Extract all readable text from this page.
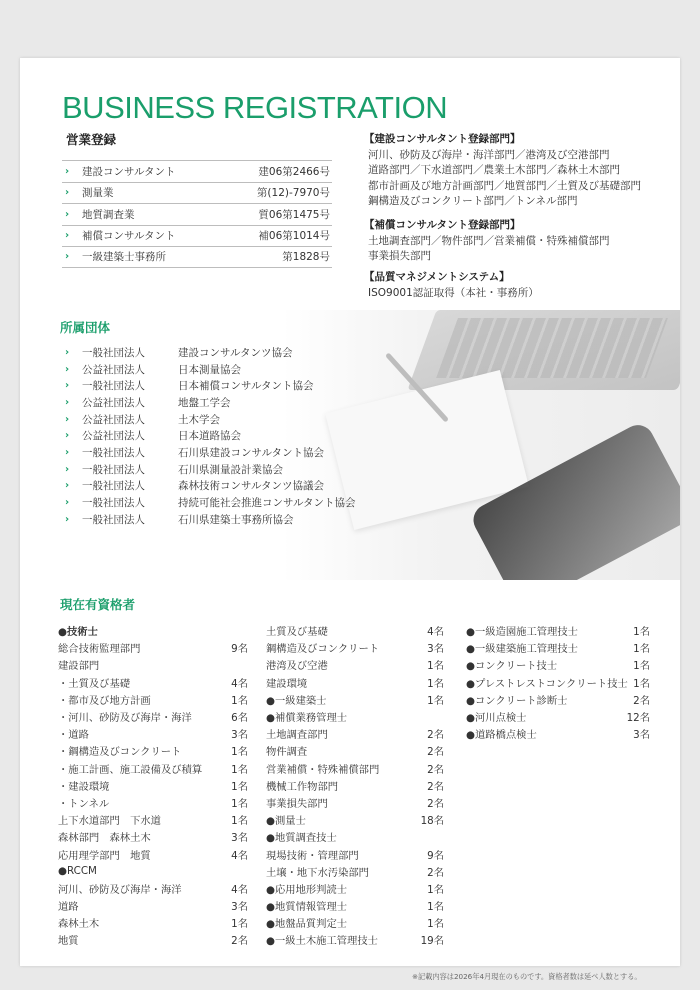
BUSINESS REGISTRATION
営業登録
›	建設コンサルタント	建06第2466号
›	測量業	第(12)-7970号
›	地質調査業	質06第1475号
›	補償コンサルタント	補06第1014号
›	一級建築士事務所	第1828号
【建設コンサルタント登録部門】
河川、砂防及び海岸・海洋部門／港湾及び空港部門
道路部門／下水道部門／農業土木部門／森林土木部門
都市計画及び地方計画部門／地質部門／土質及び基礎部門
鋼構造及びコンクリート部門／トンネル部門
【補償コンサルタント登録部門】
土地調査部門／物件部門／営業補償・特殊補償部門
事業損失部門
【品質マネジメントシステム】
ISO9001認証取得（本社・事務所）
所属団体
›	一般社団法人	建設コンサルタンツ協会
›	公益社団法人	日本測量協会
›	一般社団法人	日本補償コンサルタント協会
›	公益社団法人	地盤工学会
›	公益社団法人	土木学会
›	公益社団法人	日本道路協会
›	一般社団法人	石川県建設コンサルタント協会
›	一般社団法人	石川県測量設計業協会
›	一般社団法人	森林技術コンサルタンツ協議会
›	一般社団法人	持続可能社会推進コンサルタント協会
›	一般社団法人	石川県建築士事務所協会
現在有資格者
●技術士
総合技術監理部門	9名
建設部門
・土質及び基礎	4名
・都市及び地方計画	1名
・河川、砂防及び海岸・海洋	6名
・道路	3名
・鋼構造及びコンクリート	1名
・施工計画、施工設備及び積算	1名
・建設環境	1名
・トンネル	1名
上下水道部門　下水道	1名
森林部門　森林土木	3名
応用理学部門　地質	4名
●RCCM
河川、砂防及び海岸・海洋	4名
道路	3名
森林土木	1名
地質	2名
土質及び基礎	4名
鋼構造及びコンクリート	3名
港湾及び空港	1名
建設環境	1名
●一級建築士	1名
●補償業務管理士
土地調査部門	2名
物件調査	2名
営業補償・特殊補償部門	2名
機械工作物部門	2名
事業損失部門	2名
●測量士	18名
●地質調査技士
現場技術・管理部門	9名
土壌・地下水汚染部門	2名
●応用地形判読士	1名
●地質情報管理士	1名
●地盤品質判定士	1名
●一級土木施工管理技士	19名
●一級造園施工管理技士	1名
●一級建築施工管理技士	1名
●コンクリート技士	1名
●プレストレストコンクリート技士 1名
●コンクリート診断士	2名
●河川点検士	12名
●道路橋点検士	3名
※記載内容は2026年4月現在のものです。資格者数は延べ人数とする。
